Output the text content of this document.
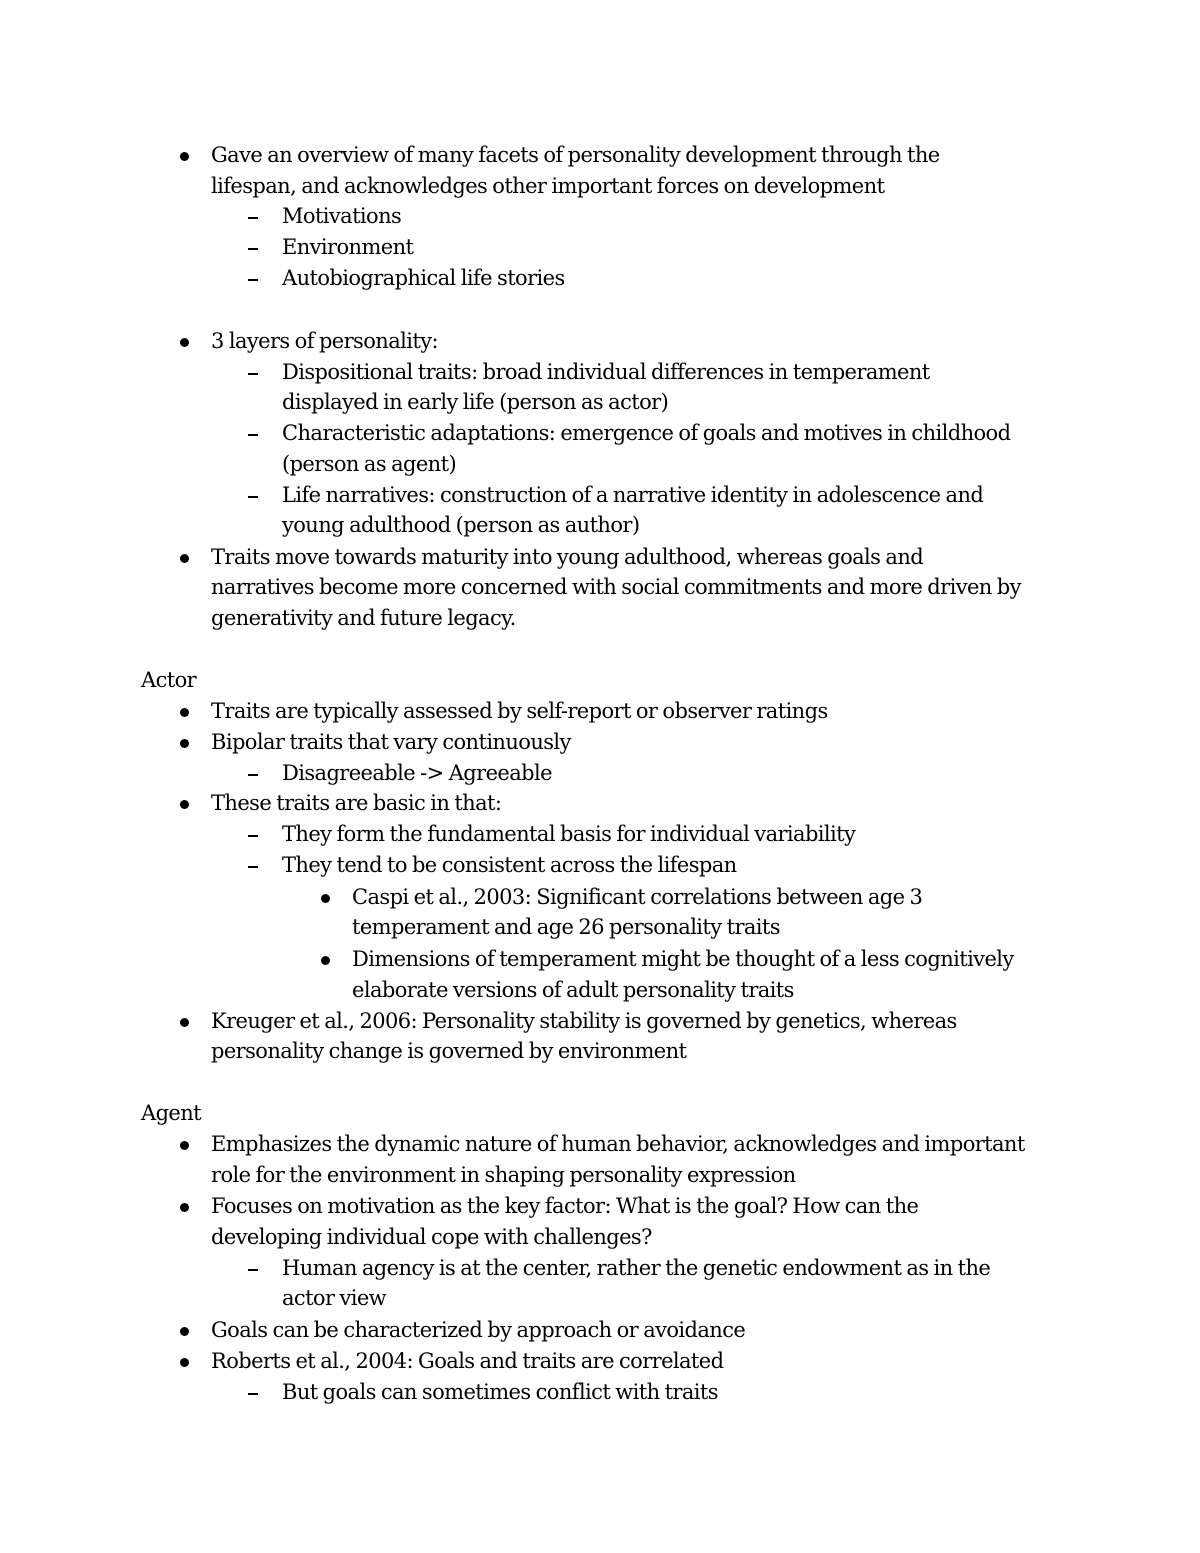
Gave an overview of many facets of personality development through the
lifespan, and acknowledges other important forces on development
Motivations
Environment
Autobiographical life stories
3 layers of personality:
Dispositional traits: broad individual differences in temperament
displayed in early life (person as actor)
Characteristic adaptations: emergence of goals and motives in childhood
(person as agent)
Life narratives: construction of a narrative identity in adolescence and
young adulthood (person as author)
Traits move towards maturity into young adulthood, whereas goals and
narratives become more concerned with social commitments and more driven by
generativity and future legacy.
Actor
Traits are typically assessed by self-report or observer ratings
Bipolar traits that vary continuously
Disagreeable -> Agreeable
These traits are basic in that:
They form the fundamental basis for individual variability
They tend to be consistent across the lifespan
Caspi et al., 2003: Significant correlations between age 3
temperament and age 26 personality traits
Dimensions of temperament might be thought of a less cognitively
elaborate versions of adult personality traits
Kreuger et al., 2006: Personality stability is governed by genetics, whereas
personality change is governed by environment
Agent
Emphasizes the dynamic nature of human behavior, acknowledges and important
role for the environment in shaping personality expression
Focuses on motivation as the key factor: What is the goal? How can the
developing individual cope with challenges?
Human agency is at the center, rather the genetic endowment as in the
actor view
Goals can be characterized by approach or avoidance
Roberts et al., 2004: Goals and traits are correlated
But goals can sometimes conflict with traits
